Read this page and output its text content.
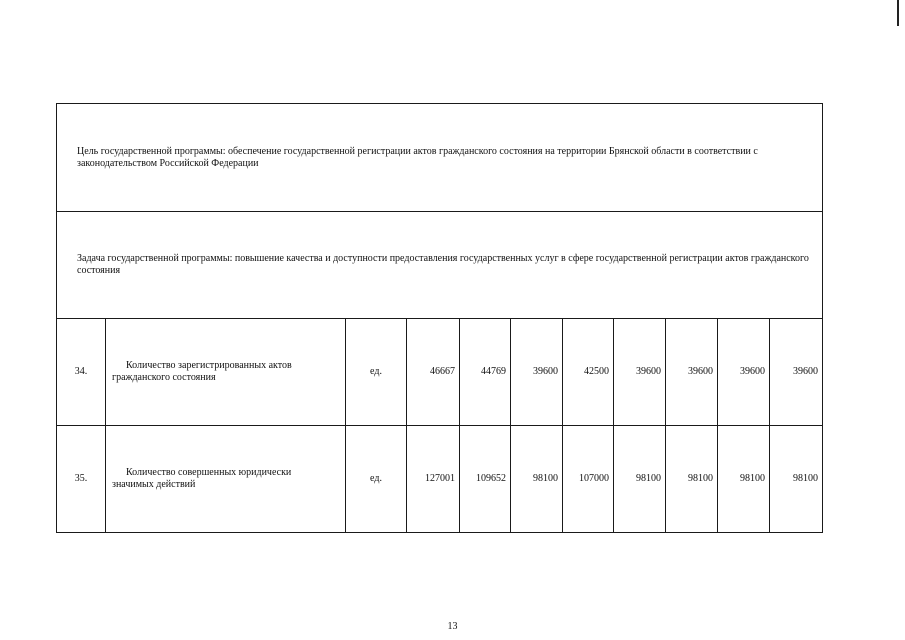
Цель государственной программы: обеспечение государственной регистрации актов гражданского состояния на территории Брянской области в соответствии с законодательством Российской Федерации										

Задача государственной программы: повышение качества и доступности предоставления государственных услуг в сфере государственной регистрации актов гражданского состояния										

34.	Количество зарегистрированных актов гражданского состояния	ед.	46667	44769	39600	42500	39600	39600	39600	39600
35.	Количество совершенных юридически значимых действий	ед.	127001	109652	98100	107000	98100	98100	98100	98100
13
